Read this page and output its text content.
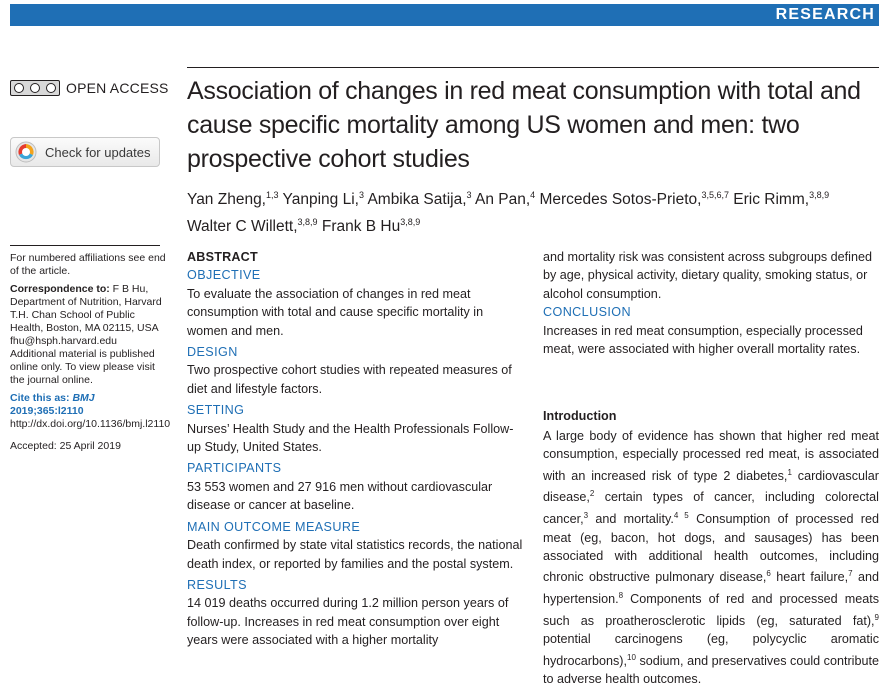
RESEARCH
OPEN ACCESS
Check for updates
Association of changes in red meat consumption with total and cause specific mortality among US women and men: two prospective cohort studies
Yan Zheng,$^{1,3}$ Yanping Li,$^3$ Ambika Satija,$^3$ An Pan,$^4$ Mercedes Sotos-Prieto,$^{3,5,6,7}$ Eric Rimm,$^{3,8,9}$
Walter C Willett,$^{3,8,9}$ Frank B Hu$^{3,8,9}$
For numbered affiliations see end of the article.
Correspondence to: F B Hu,
Department of Nutrition, Harvard T.H. Chan School of Public Health, Boston, MA 02115, USA
fhu@hsph.harvard.edu
Additional material is published online only. To view please visit the journal online.
Cite this as: BMJ 2019;365:l2110
http://dx.doi.org/10.1136/bmj.l2110
Accepted: 25 April 2019
ABSTRACT
OBJECTIVE

To evaluate the association of changes in red meat consumption with total and cause specific mortality in women and men.

DESIGN

Two prospective cohort studies with repeated measures of diet and lifestyle factors.

SETTING

Nurses’ Health Study and the Health Professionals Follow-up Study, United States.

PARTICIPANTS

53 553 women and 27 916 men without cardiovascular disease or cancer at baseline.

MAIN OUTCOME MEASURE

Death confirmed by state vital statistics records, the national death index, or reported by families and the postal system.

RESULTS

14 019 deaths occurred during 1.2 million person years of follow-up. Increases in red meat consumption over eight years were associated with a higher mortality

and mortality risk was consistent across subgroups defined by age, physical activity, dietary quality, smoking status, or alcohol consumption.

CONCLUSION

Increases in red meat consumption, especially processed meat, were associated with higher overall mortality rates.

Introduction

A large body of evidence has shown that higher red meat consumption, especially processed red meat, is associated with an increased risk of type 2 diabetes,$^1$ cardiovascular disease,$^2$ certain types of cancer, including colorectal cancer,$^3$ and mortality.$^{4 5}$ Consumption of processed red meat (eg, bacon, hot dogs, and sausages) has been associated with additional health outcomes, including chronic obstructive pulmonary disease,$^6$ heart failure,$^7$ and hypertension.$^8$ Components of red and processed meats such as proatherosclerotic lipids (eg, saturated fat),$^9$ potential carcinogens (eg, polycyclic aromatic hydrocarbons),$^{10}$ sodium, and preservatives could contribute to adverse health outcomes.
